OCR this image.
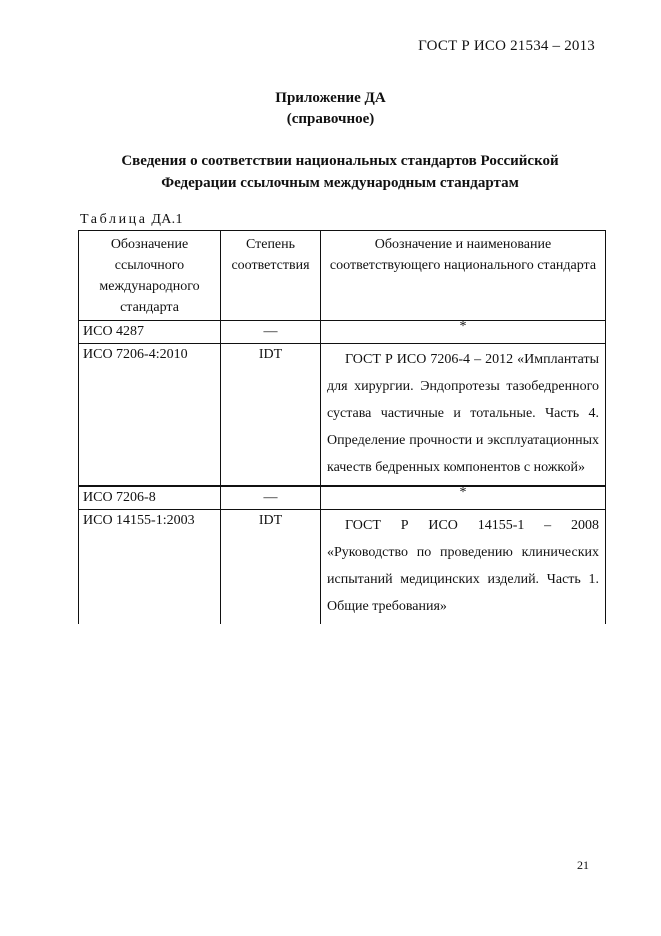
ГОСТ Р ИСО 21534 – 2013
Приложение ДА
(справочное)
Сведения о соответствии национальных стандартов Российской
Федерации ссылочным международным стандартам
Таблица ДА.1
Обозначение ссылочного международного стандарта	Степень соответствия	Обозначение и наименование соответствующего национального стандарта
ИСО 4287	—	*
ИСО 7206-4:2010	IDT	ГОСТ Р ИСО 7206-4 – 2012 «Имплантаты для хирургии. Эндопротезы тазобедренного сустава частичные и тотальные. Часть 4. Определение прочности и эксплуатационных качеств бедренных компонентов с ножкой»
ИСО 7206-8	—	*
ИСО 14155-1:2003	IDT	ГОСТ Р ИСО 14155-1 – 2008 «Руководство по проведению клинических испытаний медицинских изделий. Часть 1. Общие требования»
21
